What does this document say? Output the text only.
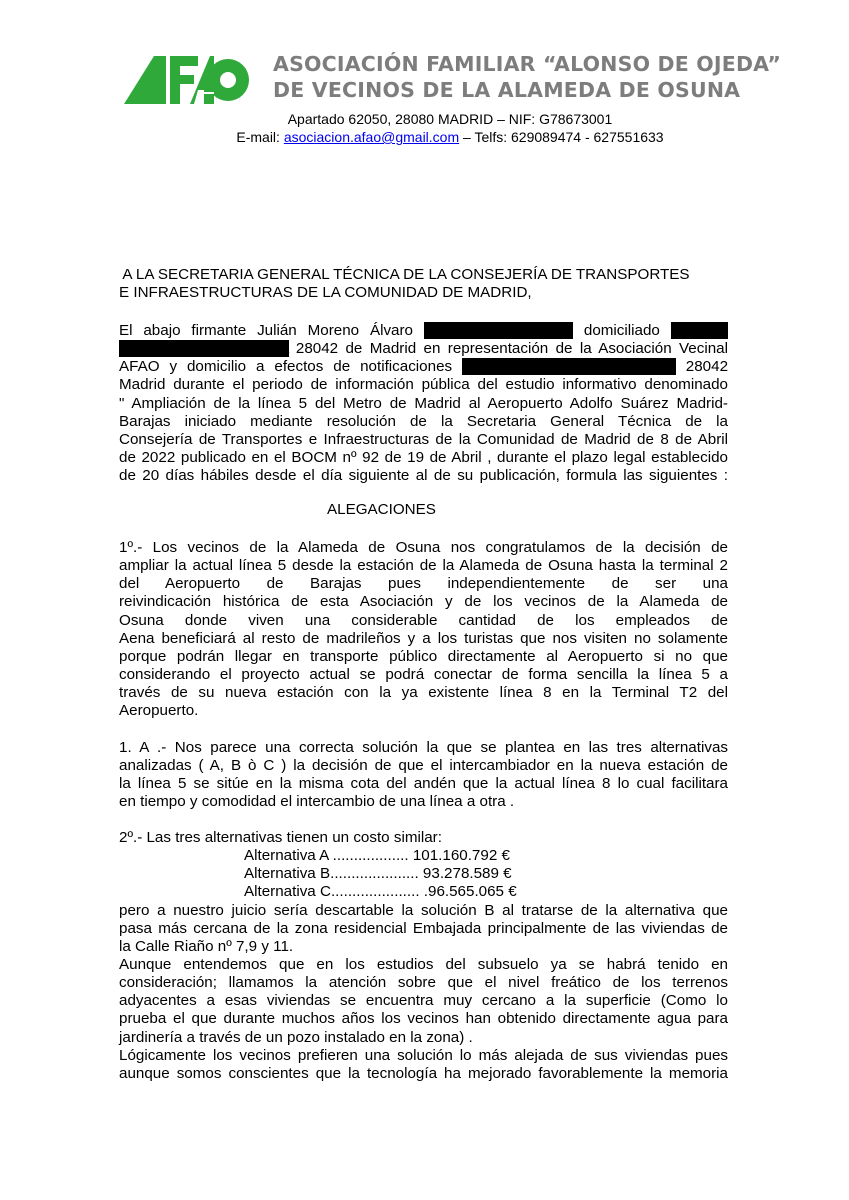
ASOCIACIÓN FAMILIAR “ALONSO DE OJEDA”
DE VECINOS DE LA ALAMEDA DE OSUNA
Apartado 62050, 28080 MADRID – NIF: G78673001
E-mail: asociacion.afao@gmail.com – Telfs: 629089474 - 627551633
A LA SECRETARIA GENERAL TÉCNICA DE LA CONSEJERÍA DE TRANSPORTES
E INFRAESTRUCTURAS DE LA COMUNIDAD DE MADRID,
El abajo firmante Julián Moreno Álvaro con DNI 02479430F domiciliado C/ Soto
Hidalgo nº 10 piso 5º A 28042 de Madrid en representación de la Asociación Vecinal
AFAO y domicilio a efectos de notificaciones C/ Bahía de San Juan nº 7 28042
Madrid durante el periodo de información pública del estudio informativo denominado
" Ampliación de la línea 5 del Metro de Madrid al Aeropuerto Adolfo Suárez Madrid-
Barajas iniciado mediante resolución de la Secretaria General Técnica de la
Consejería de Transportes e Infraestructuras de la Comunidad de Madrid de 8 de Abril
de 2022 publicado en el BOCM nº 92 de 19 de Abril , durante el plazo legal establecido
de 20 días hábiles desde el día siguiente al de su publicación, formula las siguientes :
ALEGACIONES
1º.- Los vecinos de la Alameda de Osuna nos congratulamos de la decisión de
ampliar la actual línea 5 desde la estación de la Alameda de Osuna hasta la terminal 2
del Aeropuerto de Barajas pues independientemente de ser una
reivindicación histórica de esta Asociación y de los vecinos de la Alameda de
Osuna donde viven una considerable cantidad de los empleados de
Aena beneficiará al resto de madrileños y a los turistas que nos visiten no solamente
porque podrán llegar en transporte público directamente al Aeropuerto si no que
considerando el proyecto actual se podrá conectar de forma sencilla la línea 5 a
través de su nueva estación con la ya existente línea 8 en la Terminal T2 del
Aeropuerto.
1. A .- Nos parece una correcta solución la que se plantea en las tres alternativas
analizadas ( A, B ò C ) la decisión de que el intercambiador en la nueva estación de
la línea 5 se sitúe en la misma cota del andén que la actual línea 8 lo cual facilitara
en tiempo y comodidad el intercambio de una línea a otra .
2º.- Las tres alternativas tienen un costo similar:
Alternativa A .................. 101.160.792 €
Alternativa B..................... 93.278.589 €
Alternativa C..................... .96.565.065 €
pero a nuestro juicio sería descartable la solución B al tratarse de la alternativa que
pasa más cercana de la zona residencial Embajada principalmente de las viviendas de
la Calle Riaño nº 7,9 y 11.
Aunque entendemos que en los estudios del subsuelo ya se habrá tenido en
consideración; llamamos la atención sobre que el nivel freático de los terrenos
adyacentes a esas viviendas se encuentra muy cercano a la superficie (Como lo
prueba el que durante muchos años los vecinos han obtenido directamente agua para
jardinería a través de un pozo instalado en la zona) .
Lógicamente los vecinos prefieren una solución lo más alejada de sus viviendas pues
aunque somos conscientes que la tecnología ha mejorado favorablemente la memoria
